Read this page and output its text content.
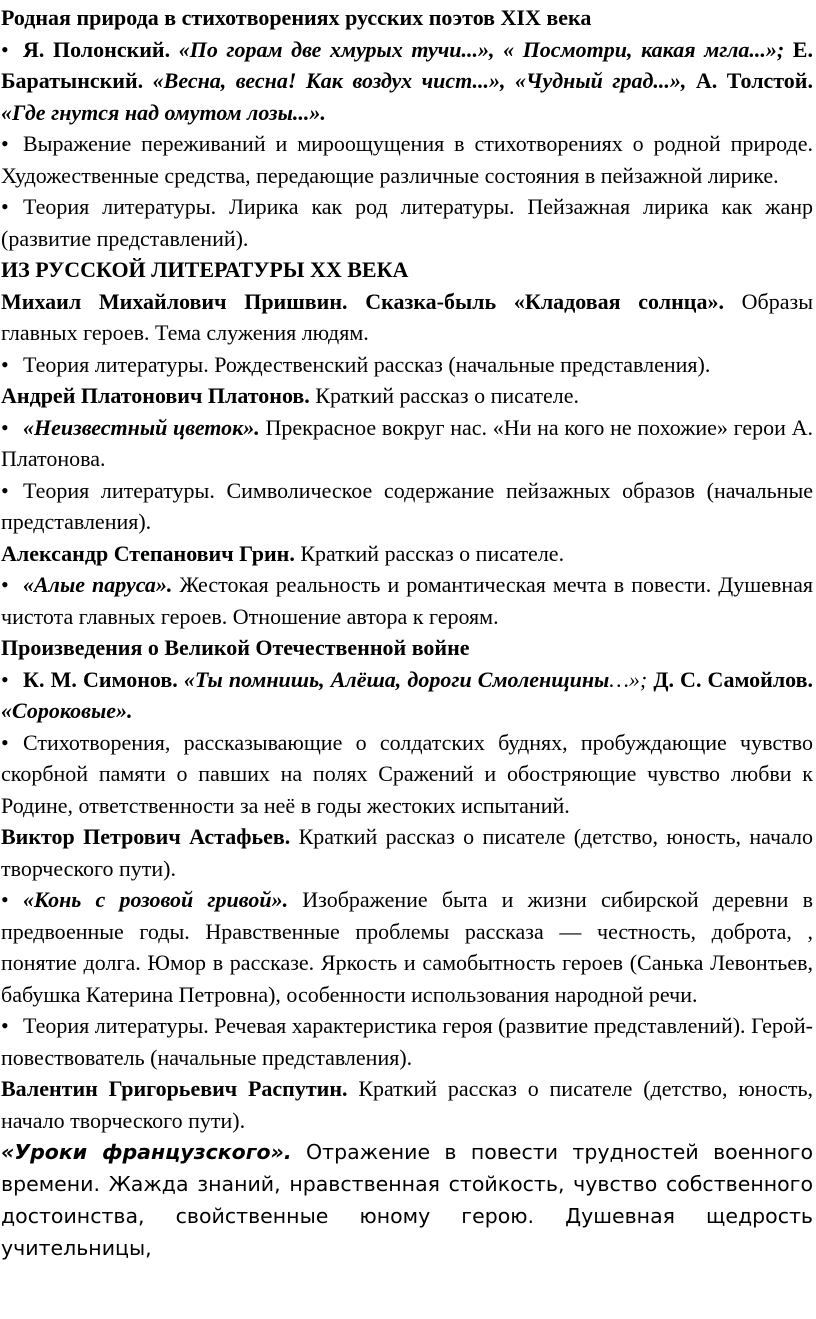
Родная природа в стихотворениях русских поэтов XIX века

• Я. Полонский. «По горам две хмурых тучи...», « Посмотри, какая мгла...»; Е. Баратынский. «Весна, весна! Как воздух чист...», «Чудный град...», А. Толстой. «Где гнутся над омутом лозы...».

• Выражение переживаний и мироощущения в стихотворениях о родной природе. Художественные средства, передающие различные состояния в пейзажной лирике.

• Теория литературы. Лирика как род литературы. Пейзажная лирика как жанр (развитие представлений).

ИЗ РУССКОЙ ЛИТЕРАТУРЫ XX ВЕКА

Михаил Михайлович Пришвин. Сказка-быль «Кладовая солнца». Образы главных героев. Тема служения людям.

• Теория литературы. Рождественский рассказ (начальные представления).

Андрей Платонович Платонов. Краткий рассказ о писателе.

• «Неизвестный цветок». Прекрасное вокруг нас. «Ни на кого не похожие» герои А. Платонова.

• Теория литературы. Символическое содержание пейзажных образов (начальные представления).

Александр Степанович Грин. Краткий рассказ о писателе.

• «Алые паруса». Жестокая реальность и романтическая мечта в повести. Душевная чистота главных героев. Отношение автора к героям.

Произведения о Великой Отечественной войне

• К. М. Симонов. «Ты помнишь, Алёша, дороги Смоленщины…»; Д. С. Самойлов. «Сороковые».

• Стихотворения, рассказывающие о солдатских буднях, пробуждающие чувство скорбной памяти о павших на полях Сражений и обостряющие чувство любви к Родине, ответственности за неё в годы жестоких испытаний.

Виктор Петрович Астафьев. Краткий рассказ о писателе (детство, юность, начало творческого пути).

• «Конь с розовой гривой». Изображение быта и жизни сибирской деревни в предвоенные годы. Нравственные проблемы рассказа — честность, доброта, , понятие долга. Юмор в рассказе. Яркость и самобытность героев (Санька Левонтьев, бабушка Катерина Петровна), особенности использования народной речи.

• Теория литературы. Речевая характеристика героя (развитие представлений). Герой-повествователь (начальные представления).

Валентин Григорьевич Распутин. Краткий рассказ о писателе (детство, юность, начало творческого пути).

«Уроки французского». Отражение в повести трудностей военного времени. Жажда знаний, нравственная стойкость, чувство собственного достоинства, свойственные юному герою. Душевная щедрость учительницы,
